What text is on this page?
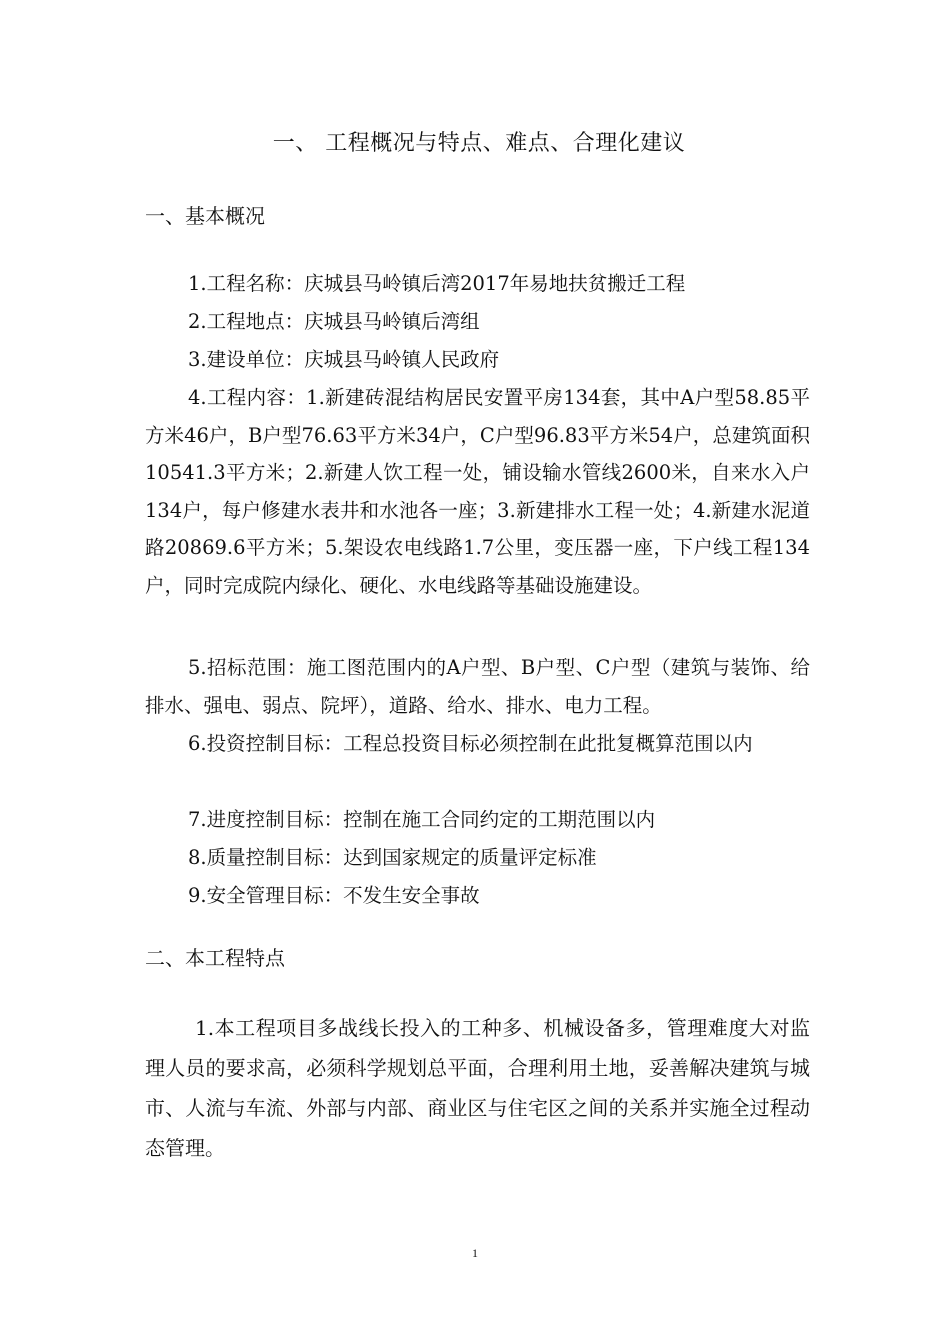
一、 工程概况与特点、难点、合理化建议
一、基本概况
1.工程名称：庆城县马岭镇后湾2017年易地扶贫搬迁工程
2.工程地点：庆城县马岭镇后湾组
3.建设单位：庆城县马岭镇人民政府
4.工程内容：1.新建砖混结构居民安置平房134套，其中A户型58.85平方米46户，B户型76.63平方米34户，C户型96.83平方米54户，总建筑面积10541.3平方米；2.新建人饮工程一处，铺设输水管线2600米，自来水入户134户，每户修建水表井和水池各一座；3.新建排水工程一处；4.新建水泥道路20869.6平方米；5.架设农电线路1.7公里，变压器一座，下户线工程134户，同时完成院内绿化、硬化、水电线路等基础设施建设。
5.招标范围：施工图范围内的A户型、B户型、C户型（建筑与装饰、给排水、强电、弱点、院坪），道路、给水、排水、电力工程。
6.投资控制目标：工程总投资目标必须控制在此批复概算范围以内
7.进度控制目标：控制在施工合同约定的工期范围以内
8.质量控制目标：达到国家规定的质量评定标准
9.安全管理目标：不发生安全事故
二、本工程特点
1.本工程项目多战线长投入的工种多、机械设备多，管理难度大对监理人员的要求高，必须科学规划总平面，合理利用土地，妥善解决建筑与城市、人流与车流、外部与内部、商业区与住宅区之间的关系并实施全过程动态管理。
1
